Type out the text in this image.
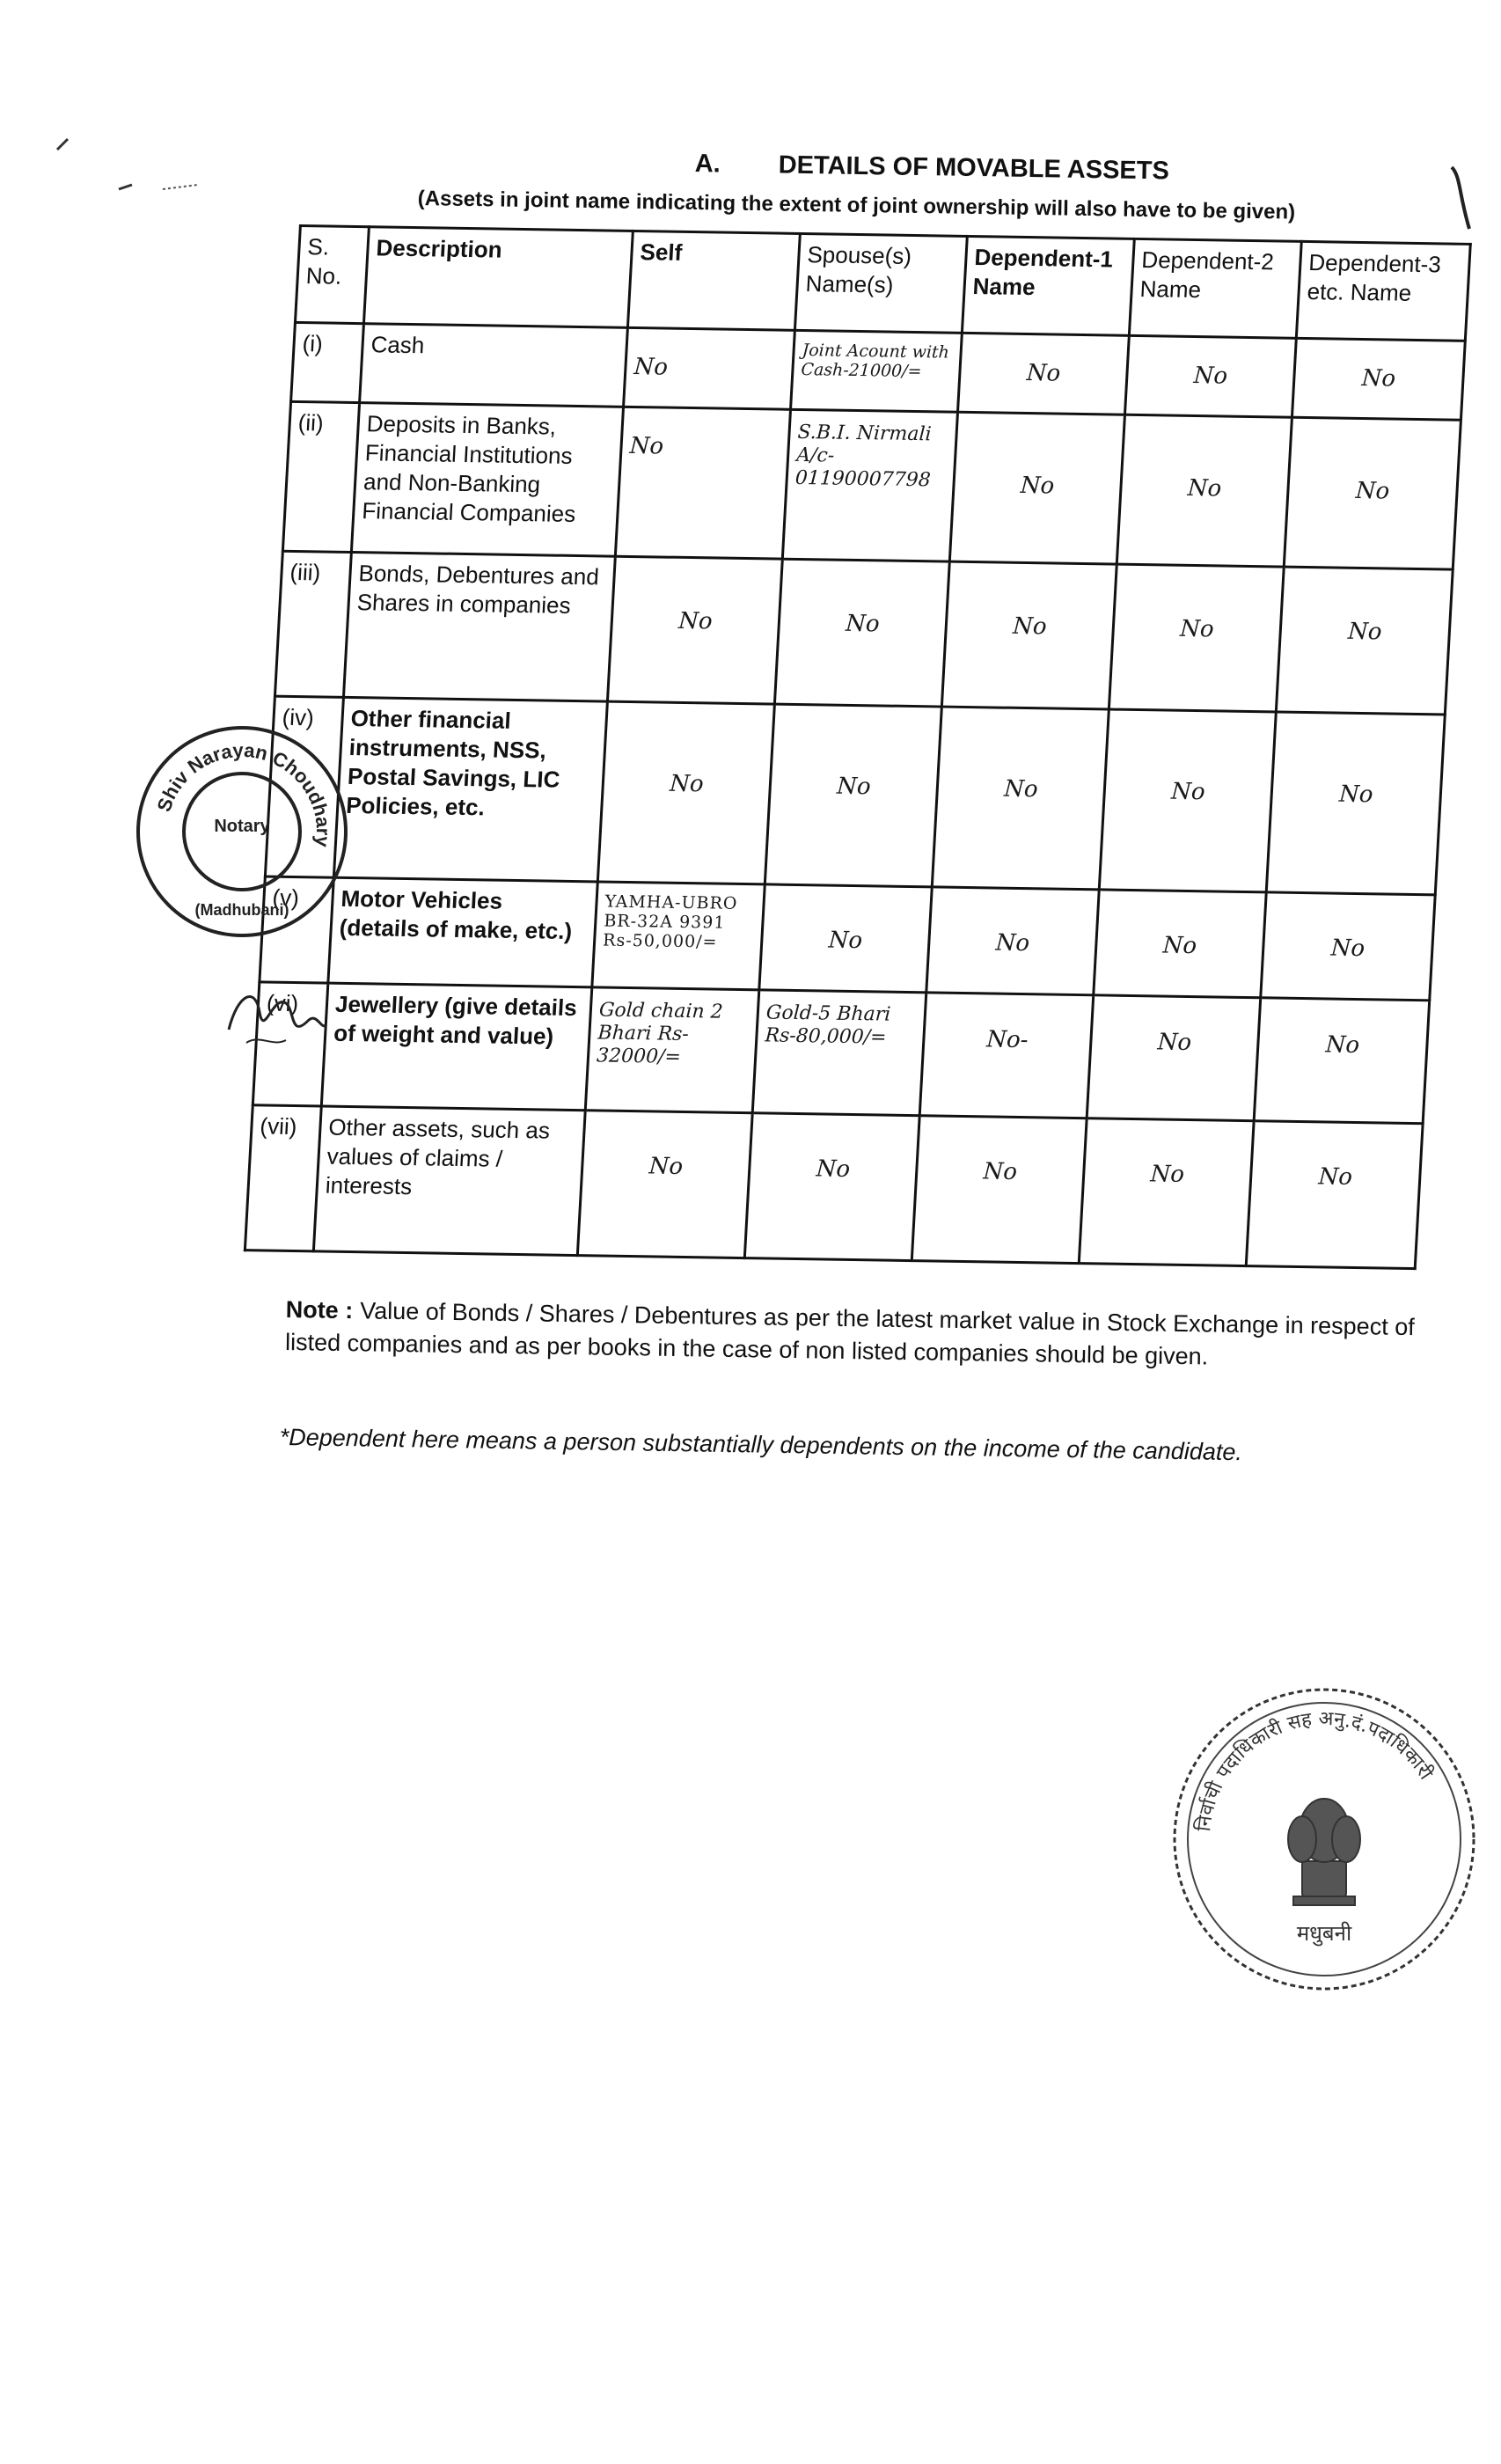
A. DETAILS OF MOVABLE ASSETS
(Assets in joint name indicating the extent of joint ownership will also have to be given)
S. No.	Description	Self	Spouse(s) Name(s)	Dependent-1 Name	Dependent-2 Name	Dependent-3 etc. Name
(i)	Cash	No	Joint Acount with Cash-21000/=	No	No	No

(ii)	Deposits in Banks, Financial Institutions and Non-Banking Financial Companies	No	S.B.I. Nirmali A/c- 01190007798	No	No	No

(iii)	Bonds, Debentures and Shares in companies	No	No	No	No	No

(iv)	Other financial instruments, NSS, Postal Savings, LIC Policies, etc.	No	No	No	No	No

(v)	Motor Vehicles (details of make, etc.)	YAMHA-UBRO BR-32A 9391 Rs-50,000/=	No	No	No	No

(vi)	Jewellery (give details of weight and value)	Gold chain 2 Bhari Rs-32000/=	Gold-5 Bhari Rs-80,000/=	No-	No	No

(vii)	Other assets, such as values of claims / interests	No	No	No	No	No
Note : Value of Bonds / Shares / Debentures as per the latest market value in Stock Exchange in respect of listed companies and as per books in the case of non listed companies should be given.
*Dependent here means a person substantially dependents on the income of the candidate.
Shiv Narayan Choudhary
Notary
(Madhubani)
निर्वाची पदाधिकारी सह अनु.दं.पदाधिकारी
मधुबनी
